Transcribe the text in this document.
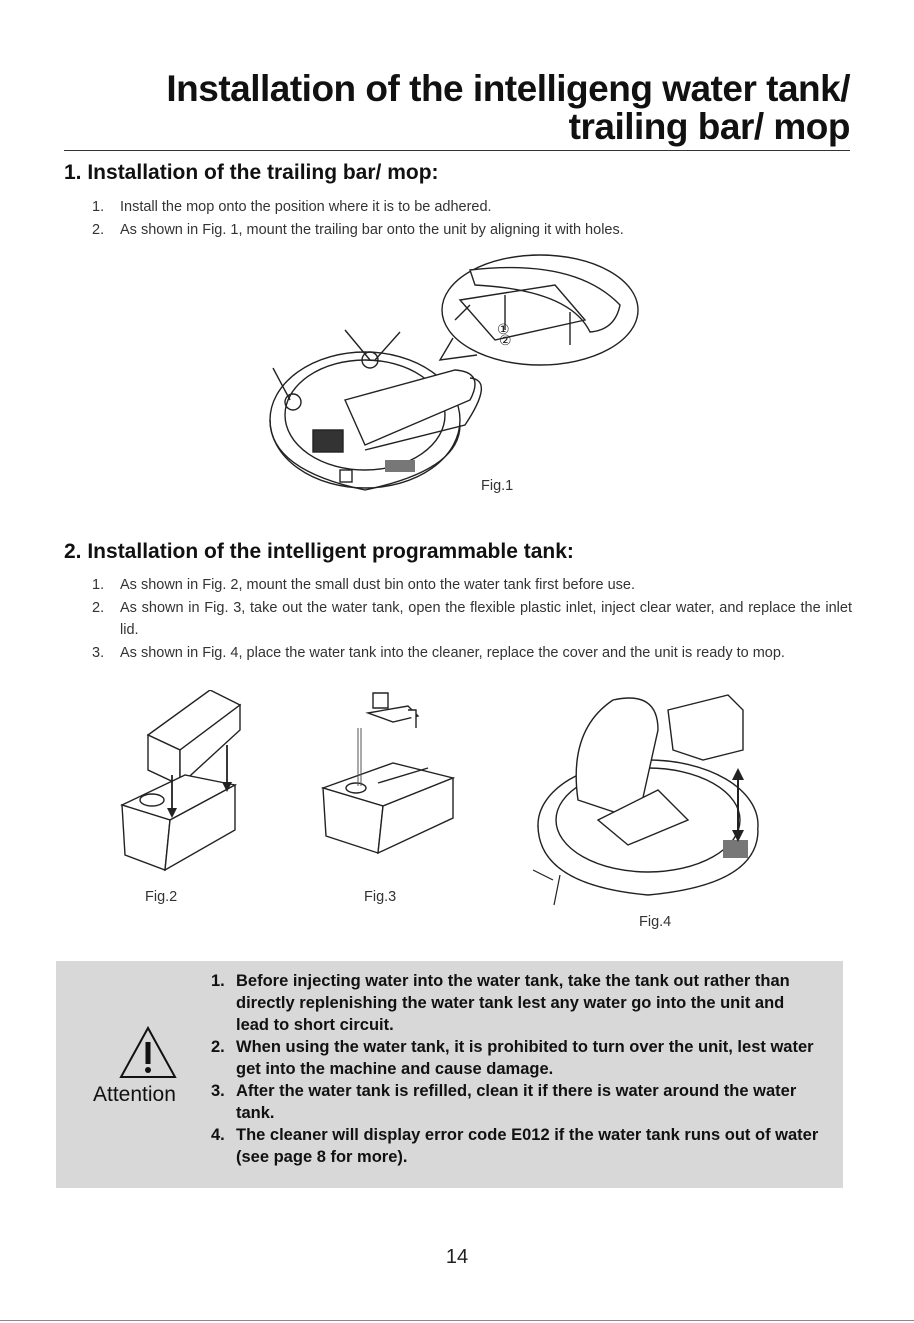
Installation of the intelligeng water tank/
trailing bar/ mop
1. Installation of the trailing bar/ mop:
1.	Install the mop onto the position where it is to be adhered.
2.	As shown in Fig. 1, mount the trailing bar onto the unit by aligning it with holes.
①
②
Fig.1
2. Installation of the intelligent programmable tank:
1.	As shown in Fig. 2, mount the small dust bin onto the water tank first before use.
2.	As shown in Fig. 3, take out the water tank, open the flexible plastic inlet, inject clear water, and replace the inlet lid.
3.	As shown in Fig. 4, place the water tank into the cleaner, replace the cover and the unit is ready to mop.
Fig.2	Fig.3
Fig.4
Attention
1. Before injecting water into the water tank, take the tank out rather than directly replenishing the water tank lest any water go into the unit and lead to short circuit.
2. When using the water tank, it is prohibited to turn over the unit, lest water get into the machine and cause damage.
3. After the water tank is refilled, clean it if there is water around the water tank.
4. The cleaner will display error code E012 if the water tank runs out of water (see page 8 for more).
14
